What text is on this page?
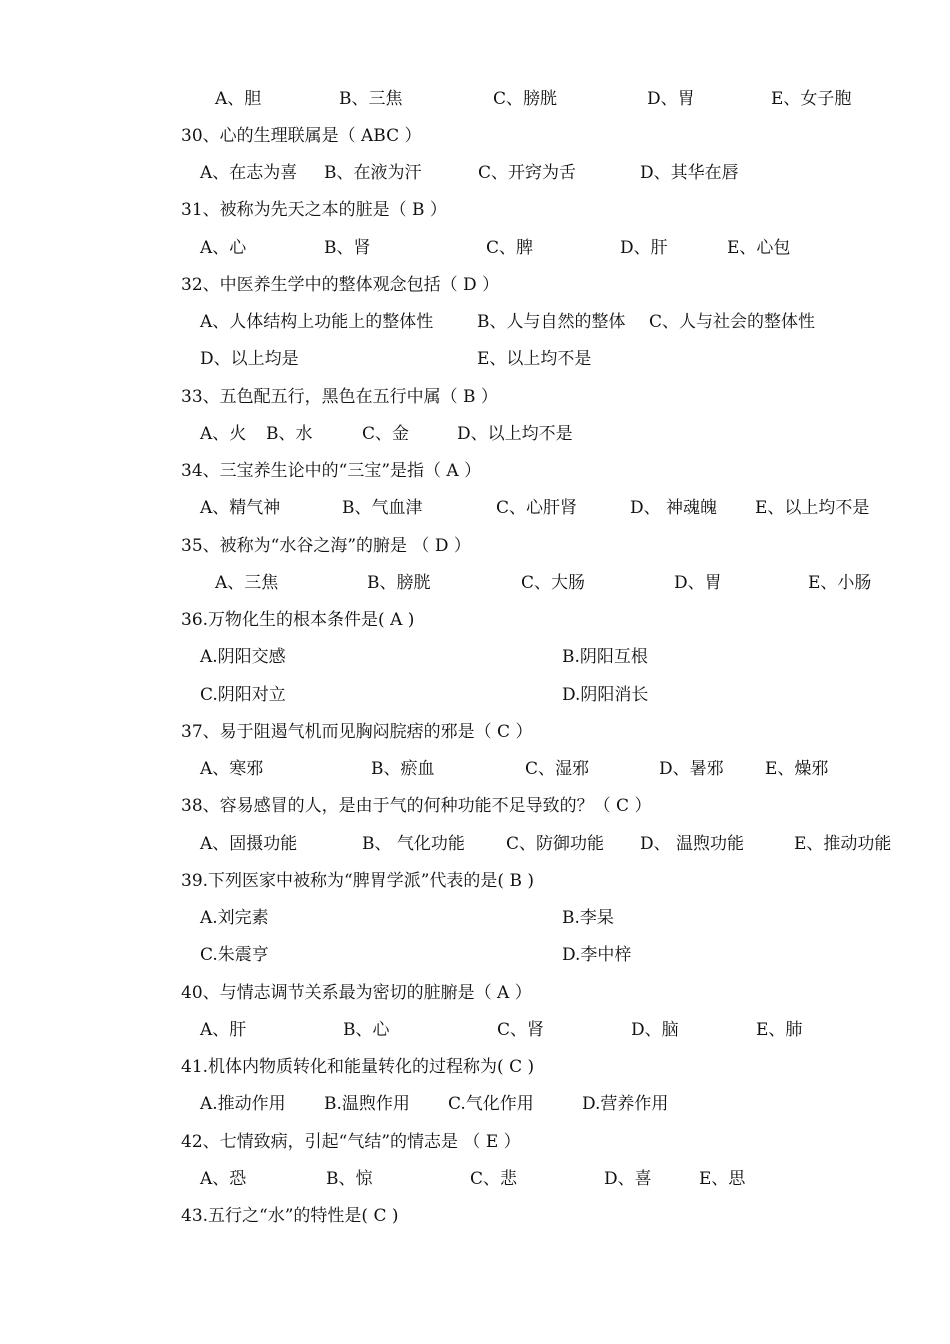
A、胆	B、三焦	C、膀胱	D、胃	E、女子胞
30、心的生理联属是（ ABC ）
A、在志为喜 B、在液为汗	C、开窍为舌	D、其华在唇
31、被称为先天之本的脏是（ B ）
A、心	B、肾	C、脾	D、肝	E、心包
32、中医养生学中的整体观念包括（ D ）
A、人体结构上功能上的整体性	B、人与自然的整体 C、人与社会的整体性
D、以上均是	E、以上均不是
33、五色配五行，黑色在五行中属（ B ）
A、火 B、水	C、金	D、以上均不是
34、三宝养生论中的“三宝”是指（ A ）
A、精气神	B、气血津	C、心肝肾	D、 神魂魄 E、以上均不是
35、被称为“水谷之海”的腑是 （ D ）
A、三焦	B、膀胱	C、大肠	D、胃	E、小肠
36.万物化生的根本条件是( A )
A.阴阳交感	B.阴阳互根
C.阴阳对立	D.阴阳消长
37、易于阻遏气机而见胸闷脘痞的邪是（ C ）
A、寒邪	B、瘀血	C、湿邪	D、暑邪 E、燥邪
38、容易感冒的人，是由于气的何种功能不足导致的？（ C ）
A、固摄功能	B、 气化功能 C、防御功能 D、 温煦功能	E、推动功能
39.下列医家中被称为“脾胃学派”代表的是( B )
A.刘完素	B.李杲
C.朱震亨	D.李中梓
40、与情志调节关系最为密切的脏腑是（ A ）
A、肝	B、心	C、肾	D、脑	E、肺
41.机体内物质转化和能量转化的过程称为( C )
A.推动作用 B.温煦作用 C.气化作用	D.营养作用
42、七情致病，引起“气结”的情志是 （ E ）
A、恐	B、惊	C、悲	D、喜	E、思
43.五行之“水”的特性是( C )
